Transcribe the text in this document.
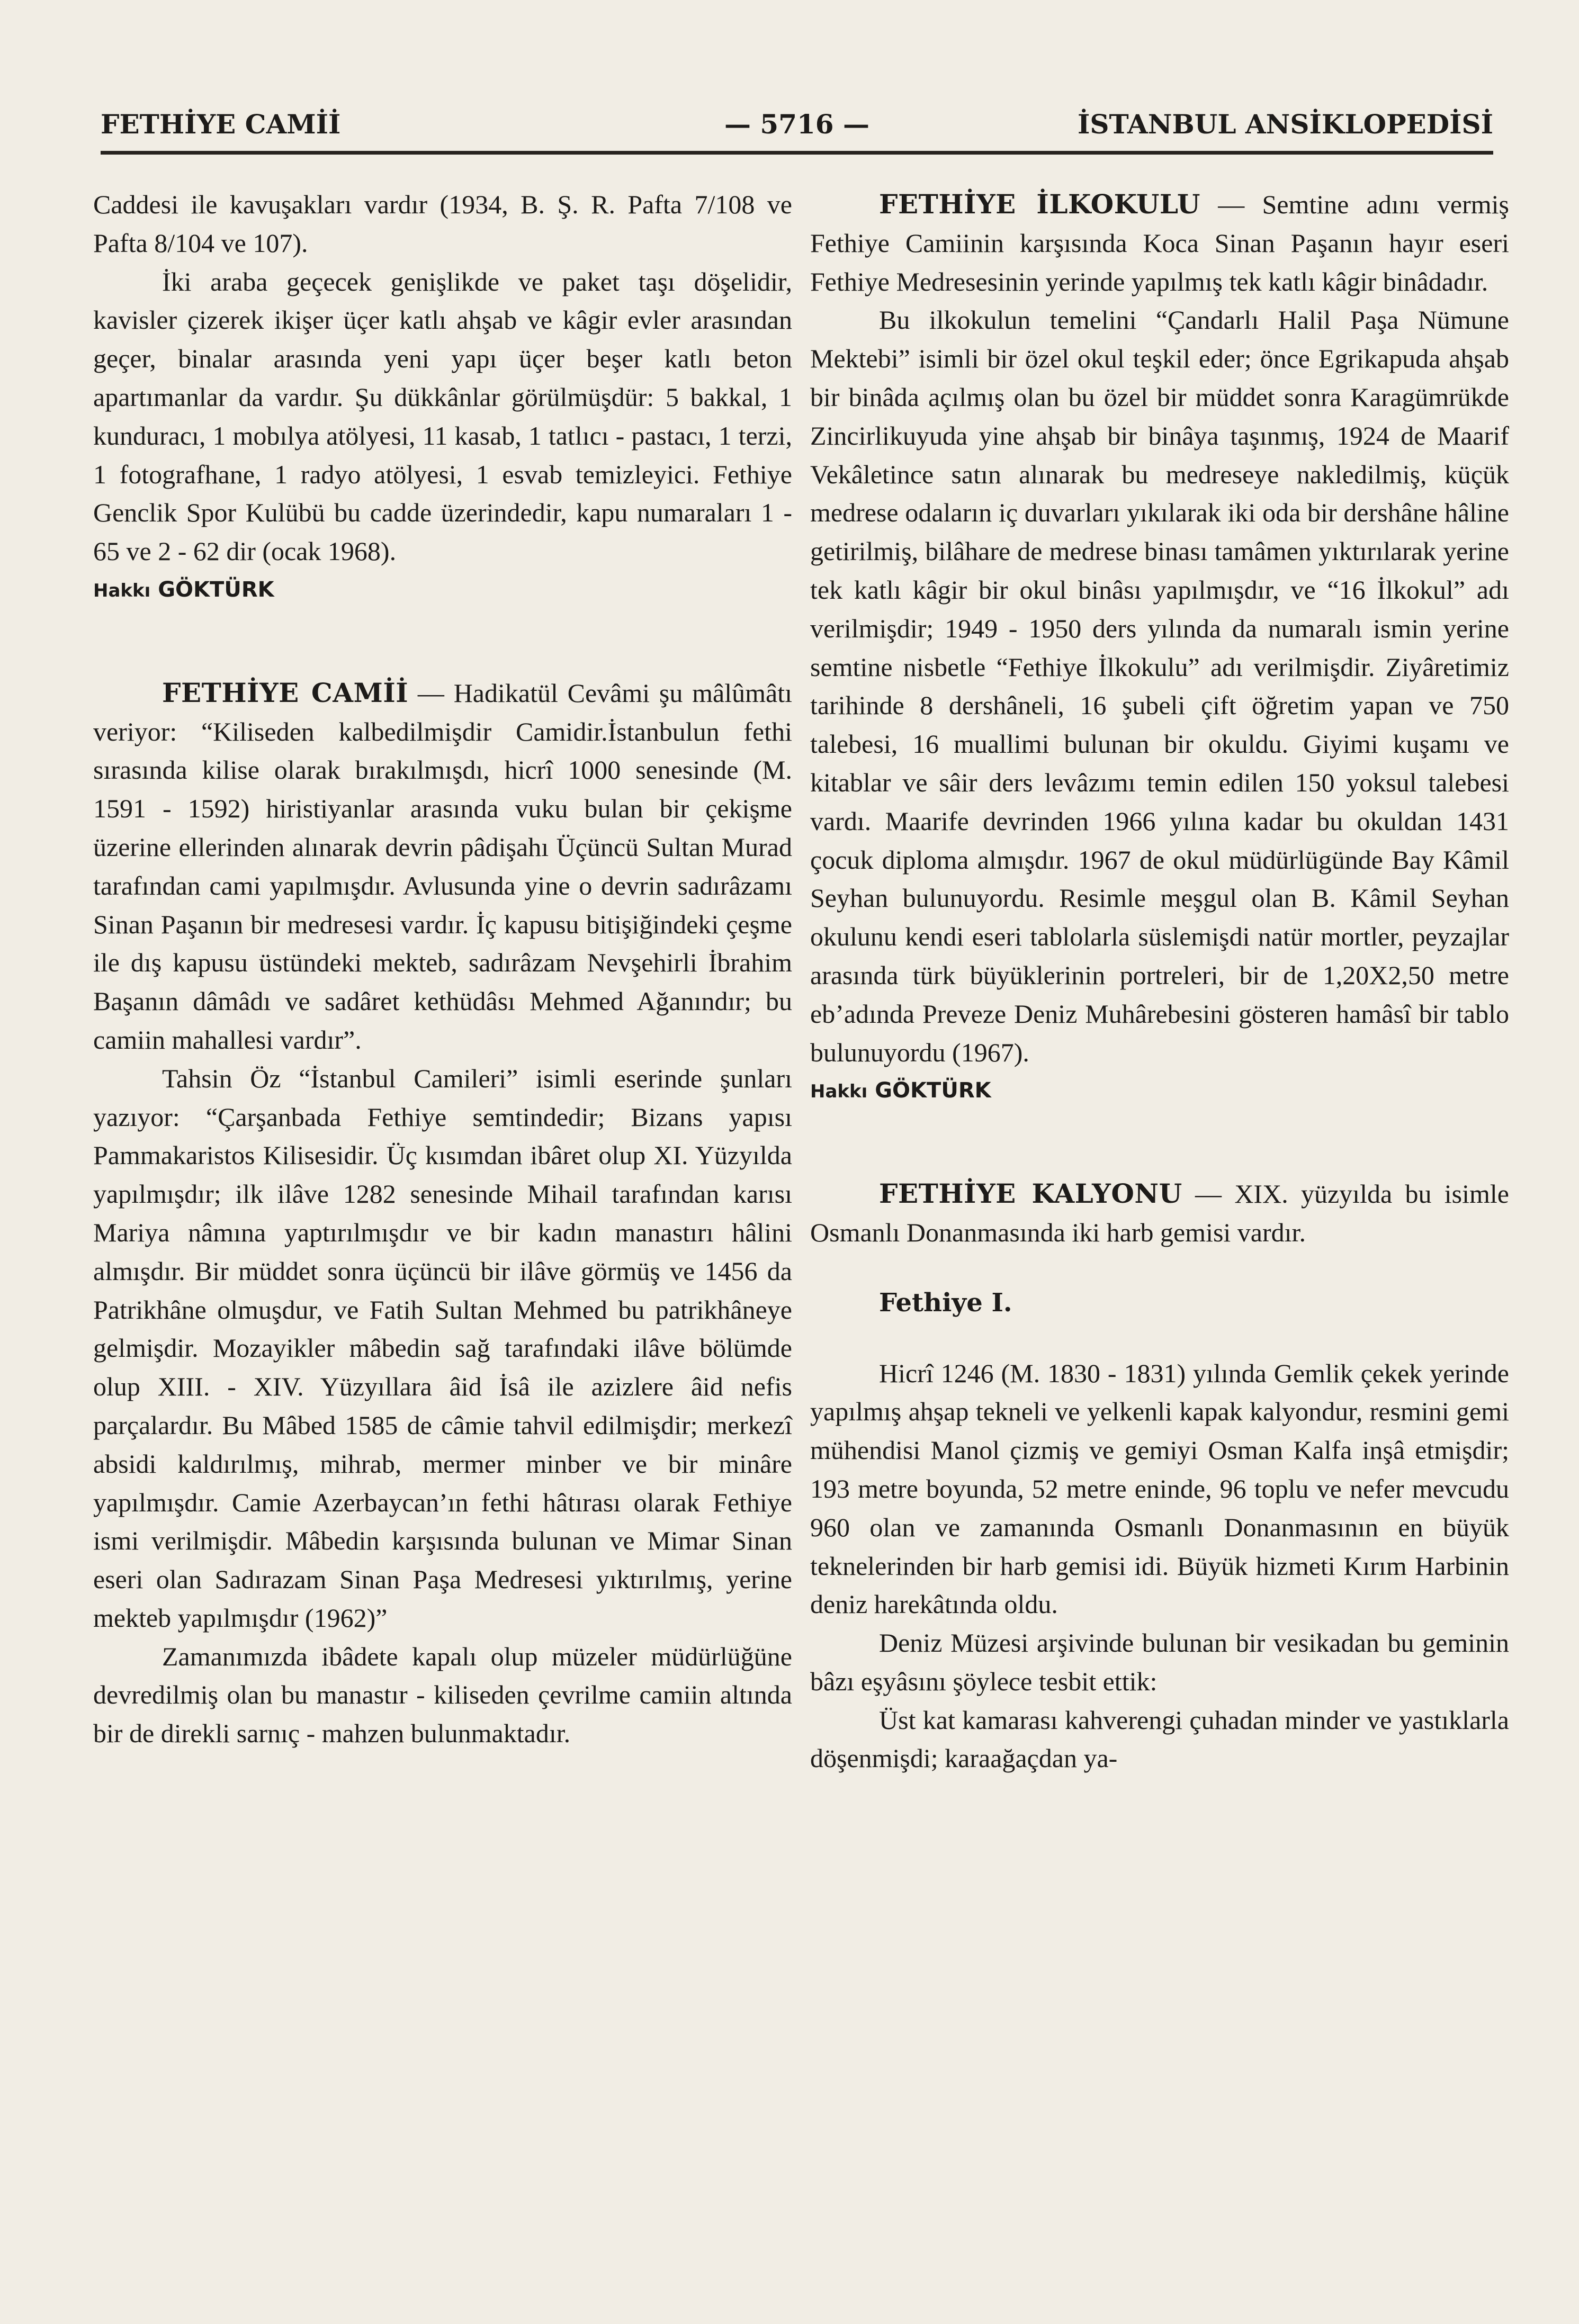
FETHİYE CAMİİ	— 5716 —	İSTANBUL ANSİKLOPEDİSİ

Caddesi ile kavuşakları vardır (1934, B. Ş. R. Pafta 7/108 ve Pafta 8/104 ve 107).

İki araba geçecek genişlikde ve paket taşı döşelidir, kavisler çizerek ikişer üçer katlı ahşab ve kâgir evler arasından geçer, binalar arasında yeni yapı üçer beşer katlı beton apartımanlar da vardır. Şu dükkânlar görülmüşdür: 5 bakkal, 1 kunduracı, 1 mobılya atölyesi, 11 kasab, 1 tatlıcı - pastacı, 1 terzi, 1 fotografhane, 1 radyo atölyesi, 1 esvab temizleyici. Fethiye Genclik Spor Kulübü bu cadde üzerindedir, kapu numaraları 1 - 65 ve 2 - 62 dir (ocak 1968).

Hakkı GÖKTÜRK

FETHİYE CAMİİ — Hadikatül Cevâmi şu mâlûmâtı veriyor: “Kiliseden kalbedilmişdir Camidir.İstanbulun fethi sırasında kilise olarak bırakılmışdı, hicrî 1000 senesinde (M. 1591 - 1592) hiristiyanlar arasında vuku bulan bir çekişme üzerine ellerinden alınarak devrin pâdişahı Üçüncü Sultan Murad tarafından cami yapılmışdır. Avlusunda yine o devrin sadırâzamı Sinan Paşanın bir medresesi vardır. İç kapusu bitişiğindeki çeşme ile dış kapusu üstündeki mekteb, sadırâzam Nevşehirli İbrahim Başanın dâmâdı ve sadâret kethüdâsı Mehmed Ağanındır; bu camiin mahallesi vardır”.

Tahsin Öz “İstanbul Camileri” isimli eserinde şunları yazıyor: “Çarşanbada Fethiye semtindedir; Bizans yapısı Pammakaristos Kilisesidir. Üç kısımdan ibâret olup XI. Yüzyılda yapılmışdır; ilk ilâve 1282 senesinde Mihail tarafından karısı Mariya nâmına yaptırılmışdır ve bir kadın manastırı hâlini almışdır. Bir müddet sonra üçüncü bir ilâve görmüş ve 1456 da Patrikhâne olmuşdur, ve Fatih Sultan Mehmed bu patrikhâneye gelmişdir. Mozayikler mâbedin sağ tarafındaki ilâve bölümde olup XIII. - XIV. Yüzyıllara âid İsâ ile azizlere âid nefis parçalardır. Bu Mâbed 1585 de câmie tahvil edilmişdir; merkezî absidi kaldırılmış, mihrab, mermer minber ve bir minâre yapılmışdır. Camie Azerbaycan’ın fethi hâtırası olarak Fethiye ismi verilmişdir. Mâbedin karşısında bulunan ve Mimar Sinan eseri olan Sadırazam Sinan Paşa Medresesi yıktırılmış, yerine mekteb yapılmışdır (1962)”

Zamanımızda ibâdete kapalı olup müzeler müdürlüğüne devredilmiş olan bu manastır - kiliseden çevrilme camiin altında bir de direkli sarnıç - mahzen bulunmaktadır.

FETHİYE İLKOKULU — Semtine adını vermiş Fethiye Camiinin karşısında Koca Sinan Paşanın hayır eseri Fethiye Medresesinin yerinde yapılmış tek katlı kâgir binâdadır.

Bu ilkokulun temelini “Çandarlı Halil Paşa Nümune Mektebi” isimli bir özel okul teşkil eder; önce Egrikapuda ahşab bir binâda açılmış olan bu özel bir müddet sonra Karagümrükde Zincirlikuyuda yine ahşab bir binâya taşınmış, 1924 de Maarif Vekâletince satın alınarak bu medreseye nakledilmiş, küçük medrese odaların iç duvarları yıkılarak iki oda bir dershâne hâline getirilmiş, bilâhare de medrese binası tamâmen yıktırılarak yerine tek katlı kâgir bir okul binâsı yapılmışdır, ve “16 İlkokul” adı verilmişdir; 1949 - 1950 ders yılında da numaralı ismin yerine semtine nisbetle “Fethiye İlkokulu” adı verilmişdir. Ziyâretimiz tarihinde 8 dershâneli, 16 şubeli çift öğretim yapan ve 750 talebesi, 16 muallimi bulunan bir okuldu. Giyimi kuşamı ve kitablar ve sâir ders levâzımı temin edilen 150 yoksul talebesi vardı. Maarife devrinden 1966 yılına kadar bu okuldan 1431 çocuk diploma almışdır. 1967 de okul müdürlügünde Bay Kâmil Seyhan bulunuyordu. Resimle meşgul olan B. Kâmil Seyhan okulunu kendi eseri tablolarla süslemişdi natür mortler, peyzajlar arasında türk büyüklerinin portreleri, bir de 1,20X2,50 metre eb’adında Preveze Deniz Muhârebesini gösteren hamâsî bir tablo bulunuyordu (1967).

Hakkı GÖKTÜRK

FETHİYE KALYONU — XIX. yüzyılda bu isimle Osmanlı Donanmasında iki harb gemisi vardır.

Fethiye I.

Hicrî 1246 (M. 1830 - 1831) yılında Gemlik çekek yerinde yapılmış ahşap tekneli ve yelkenli kapak kalyondur, resmini gemi mühendisi Manol çizmiş ve gemiyi Osman Kalfa inşâ etmişdir; 193 metre boyunda, 52 metre eninde, 96 toplu ve nefer mevcudu 960 olan ve zamanında Osmanlı Donanmasının en büyük teknelerinden bir harb gemisi idi. Büyük hizmeti Kırım Harbinin deniz harekâtında oldu.

Deniz Müzesi arşivinde bulunan bir vesikadan bu geminin bâzı eşyâsını şöylece tesbit ettik:

Üst kat kamarası kahverengi çuhadan minder ve yastıklarla döşenmişdi; karaağaçdan ya-
